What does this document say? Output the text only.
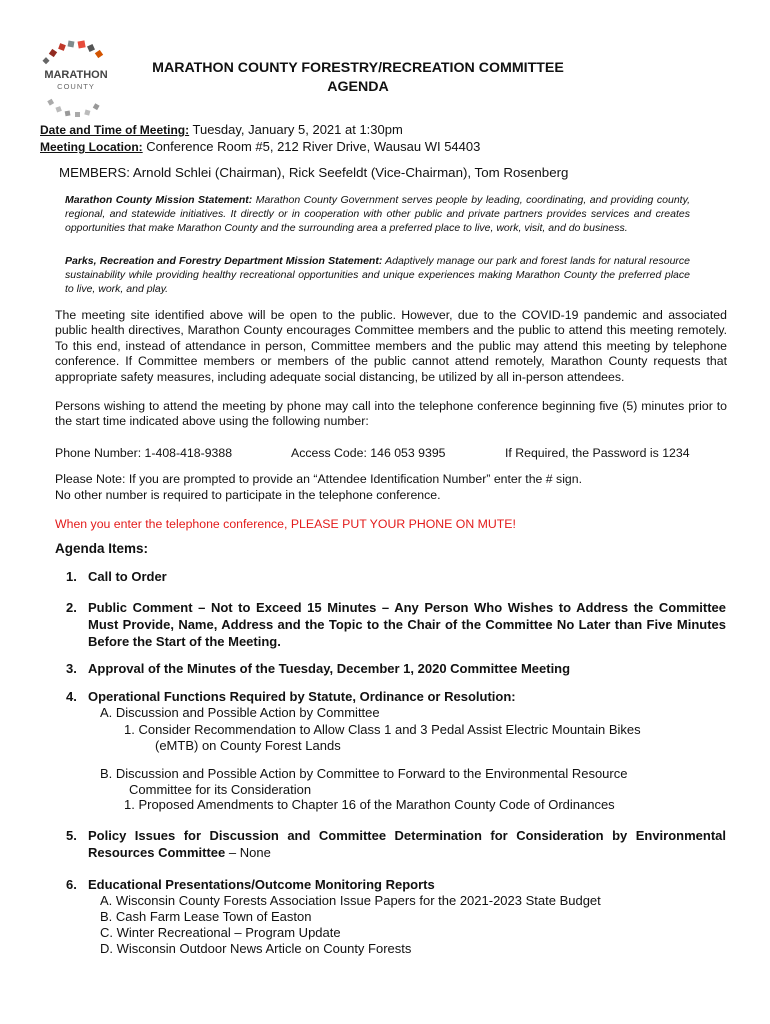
MARATHON
COUNTY
MARATHON COUNTY FORESTRY/RECREATION COMMITTEE
AGENDA
Date and Time of Meeting: Tuesday, January 5, 2021 at 1:30pm
Meeting Location: Conference Room #5, 212 River Drive, Wausau WI 54403
MEMBERS: Arnold Schlei (Chairman), Rick Seefeldt (Vice-Chairman), Tom Rosenberg
Marathon County Mission Statement: Marathon County Government serves people by leading, coordinating, and providing county, regional, and statewide initiatives. It directly or in cooperation with other public and private partners provides services and creates opportunities that make Marathon County and the surrounding area a preferred place to live, work, visit, and do business.
Parks, Recreation and Forestry Department Mission Statement: Adaptively manage our park and forest lands for natural resource sustainability while providing healthy recreational opportunities and unique experiences making Marathon County the preferred place to live, work, and play.
The meeting site identified above will be open to the public. However, due to the COVID-19 pandemic and associated public health directives, Marathon County encourages Committee members and the public to attend this meeting remotely. To this end, instead of attendance in person, Committee members and the public may attend this meeting by telephone conference. If Committee members or members of the public cannot attend remotely, Marathon County requests that appropriate safety measures, including adequate social distancing, be utilized by all in-person attendees.
Persons wishing to attend the meeting by phone may call into the telephone conference beginning five (5) minutes prior to the start time indicated above using the following number:
Phone Number: 1-408-418-9388	Access Code: 146 053 9395	If Required, the Password is 1234
Please Note: If you are prompted to provide an “Attendee Identification Number” enter the # sign.
No other number is required to participate in the telephone conference.
When you enter the telephone conference, PLEASE PUT YOUR PHONE ON MUTE!
Agenda Items:
1. Call to Order
2. Public Comment – Not to Exceed 15 Minutes – Any Person Who Wishes to Address the Committee Must Provide, Name, Address and the Topic to the Chair of the Committee No Later than Five Minutes Before the Start of the Meeting.
3. Approval of the Minutes of the Tuesday, December 1, 2020 Committee Meeting
4. Operational Functions Required by Statute, Ordinance or Resolution:
A. Discussion and Possible Action by Committee
1. Consider Recommendation to Allow Class 1 and 3 Pedal Assist Electric Mountain Bikes
(eMTB) on County Forest Lands
B. Discussion and Possible Action by Committee to Forward to the Environmental Resource
Committee for its Consideration
1. Proposed Amendments to Chapter 16 of the Marathon County Code of Ordinances
5. Policy Issues for Discussion and Committee Determination for Consideration by Environmental Resources Committee – None
6. Educational Presentations/Outcome Monitoring Reports
A. Wisconsin County Forests Association Issue Papers for the 2021-2023 State Budget
B. Cash Farm Lease Town of Easton
C. Winter Recreational – Program Update
D. Wisconsin Outdoor News Article on County Forests
